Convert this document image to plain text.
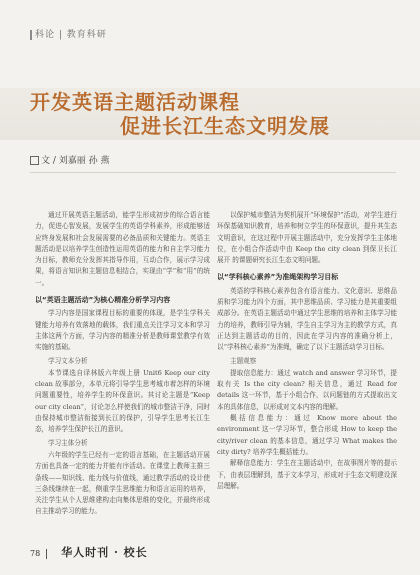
科论 | 教育科研
开发英语主题活动课程
促进长江生态文明发展
文 / 刘嘉丽 孙 燕

通过开展英语主题活动，能学生形成初步的综合语言能力，促进心智发展，发展学生的英语学科素养，形成能够适应终身发展和社会发展需要的必备品质和关键能力。英语主题活动是以培养学生创造性运用英语的能力和自主学习能力为目标，教师充分发挥其指导作用，互动合作，展示学习成果，将语言知识和主题信息相结合，实现由“学”和“用”的统一。

以“英语主题活动”为核心精准分析学习内容

学习内容是国家课程目标的重要的体现，是学生学科关键能力培养有效落地的载体，我们重点关注学习文本和学习主体这两个方面，学习内容的精准分析是教师课堂教学有效实施的基础。

学习文本分析

本节课选自译林版六年级上册 Unit6 Keep our city clean 故事部分，本单元将引导学生思考城市着怎样的环境问题重要性，培养学生的环保意识。其讨论主题是“Keep our city clean”，讨论怎么样使我们的城市整洁干净，同时由保持城市整洁衔接到长江的保护，引导学生思考长江生态，培养学生保护长江的意识。

学习主体分析

六年级的学生已经有一定的语言基础，在主题活动开展方面也具备一定的能力并能有序活动。在课堂上教师主推三条线——知识线、能力线与价值线，通过教学活动的设计使三条线继续在一起，侧重学生思维能力和语言运用的培养，关注学生从个人思维建构走向集体思维的变化，并最终形成自主推动学习的能力。

以保护城市整洁为契机展开“环境保护”活动，对学生进行环保基础知识教育，培养和树立学生的环保意识，提升其生态文明意识，在这过程中开展主题活动中，充分发挥学生主体地位，在小组合作活动中由 Keep the city clean 到保卫长江展开 的课题研究长江生态文明问题。

以“学科核心素养”为准绳架构学习目标

英语的学科核心素养包含有语言能力、文化意识、思维品质和学习能力四个方面，其中思维品质、学习能力是其重要组成部分。在英语主题活动中通过学生思维的培养和主体学习能力的培养，教师引导为辅，学生自主学习为主的教学方式，真正达到主题活动的目的，因此在学习内容的准确分析上，以“学科核心素养”为准绳，确定了以下主题活动学习目标。

主题观察

提取信息能力：通过 watch and answer 学习环节，提取有关 Is the city clean? 相关信息，通过 Read for details 这一环节，基于小组合作，以问题链的方式提取出文本的具体信息，以形成对文本内容的理解。

概括信息能力：通过 Know more about the environment 这一学习环节，整合形成 How to keep the city/river clean 的基本信息，通过学习 What makes the city dirty? 培养学生概括能力。

解释信息能力：学生在主题活动中，在故事图片等的提示下，由表层理解到，基于文本学习，形成对于生态文明建设深层理解。

78 华人时刊 · 校长
